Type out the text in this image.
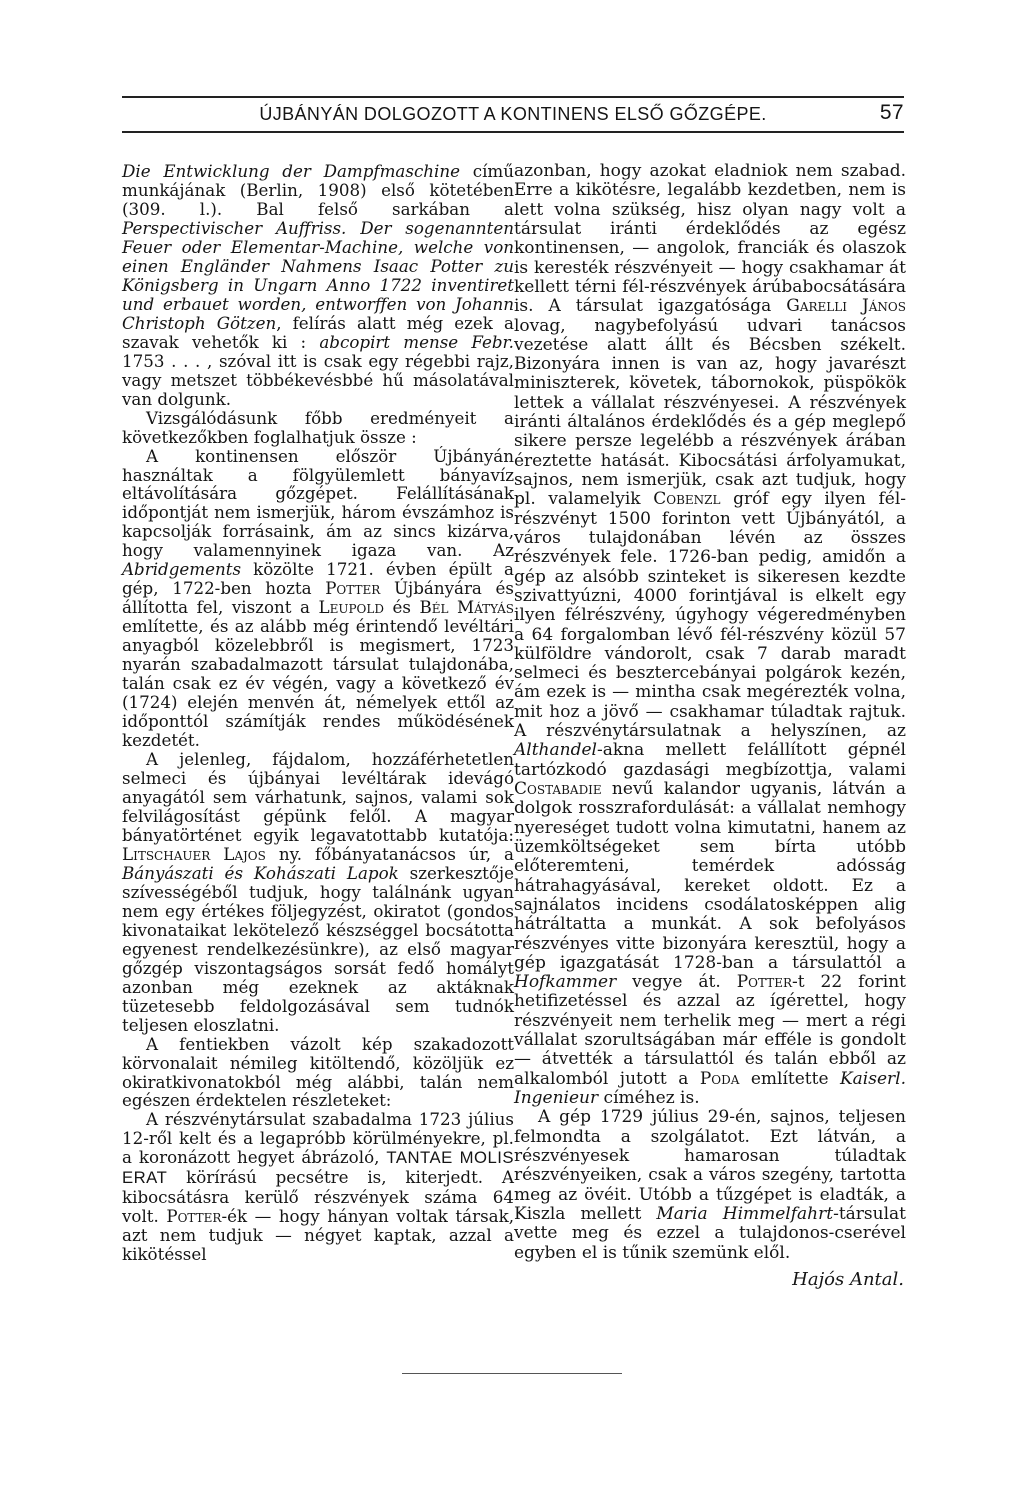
ÚJBÁNYÁN DOLGOZOTT A KONTINENS ELSŐ GŐZGÉPE.	57

Die Entwicklung der Dampfmaschine című munkájának (Berlin, 1908) első kötetében (309. l.). Bal felső sarkában a Perspectivischer Auffriss. Der sogenannten Feuer oder Elementar-Machine, welche von einen Engländer Nahmens Isaac Potter zu Königsberg in Ungarn Anno 1722 inventiret und erbauet worden, entworffen von Johann Christoph Götzen, felírás alatt még ezek a szavak vehetők ki : abcopirt mense Febr. 1753 . . . , szóval itt is csak egy régebbi rajz, vagy metszet többékevésbbé hű másolatával van dolgunk.

Vizsgálódásunk főbb eredményeit a következőkben foglalhatjuk össze :

A kontinensen először Újbányán használtak a fölgyülemlett bányavíz eltávolítására gőzgépet. Felállításának időpontját nem ismerjük, három évszámhoz is kapcsolják forrásaink, ám az sincs kizárva, hogy valamennyinek igaza van. Az Abridgements közölte 1721. évben épült a gép, 1722-ben hozta Potter Újbányára és állította fel, viszont a Leupold és Bél Mátyás említette, és az alább még érintendő levéltári anyagból közelebbről is megismert, 1723 nyarán szabadalmazott társulat tulajdonába, talán csak ez év végén, vagy a következő év (1724) elején menvén át, némelyek ettől az időponttól számítják rendes működésének kezdetét.

A jelenleg, fájdalom, hozzáférhetetlen selmeci és újbányai levéltárak idevágó anyagától sem várhatunk, sajnos, valami sok felvilágosítást gépünk felől. A magyar bányatörténet egyik legavatottabb kutatója: Litschauer Lajos ny. főbányatanácsos úr, a Bányászati és Kohászati Lapok szerkesztője szívességéből tudjuk, hogy találnánk ugyan nem egy értékes följegyzést, okiratot (gondos kivonataikat lekötelező készséggel bocsátotta egyenest rendelkezésünkre), az első magyar gőzgép viszontagságos sorsát fedő homályt azonban még ezeknek az aktáknak tüzetesebb feldolgozásával sem tudnók teljesen eloszlatni.

A fentiekben vázolt kép szakadozott körvonalait némileg kitöltendő, közöljük ez okiratkivonatokból még alábbi, talán nem egészen érdektelen részleteket:

A részvénytársulat szabadalma 1723 július 12-ről kelt és a legapróbb körülményekre, pl. a koronázott hegyet ábrázoló, TANTAE MOLIS ERAT körírású pecsétre is, kiterjedt. A kibocsátásra kerülő részvények száma 64 volt. Potter-ék — hogy hányan voltak társak, azt nem tudjuk — négyet kaptak, azzal a kikötéssel

azonban, hogy azokat eladniok nem szabad. Erre a kikötésre, legalább kezdetben, nem is lett volna szükség, hisz olyan nagy volt a társulat iránti érdeklődés az egész kontinensen, — angolok, franciák és olaszok is keresték részvényeit — hogy csakhamar át kellett térni fél-részvények árúbabocsátására is. A társulat igazgatósága Garelli János lovag, nagybefolyású udvari tanácsos vezetése alatt állt és Bécsben székelt. Bizonyára innen is van az, hogy javarészt miniszterek, követek, tábornokok, püspökök lettek a vállalat részvényesei. A részvények iránti általános érdeklődés és a gép meglepő sikere persze legelébb a részvények árában éreztette hatását. Kibocsátási árfolyamukat, sajnos, nem ismerjük, csak azt tudjuk, hogy pl. valamelyik Cobenzl gróf egy ilyen fél-részvényt 1500 forinton vett Újbányától, a város tulajdonában lévén az összes részvények fele. 1726-ban pedig, amidőn a gép az alsóbb szinteket is sikeresen kezdte szivattyúzni, 4000 forintjával is elkelt egy ilyen félrészvény, úgyhogy végeredményben a 64 forgalomban lévő fél-részvény közül 57 külföldre vándorolt, csak 7 darab maradt selmeci és besztercebányai polgárok kezén, ám ezek is — mintha csak megérezték volna, mit hoz a jövő — csakhamar túladtak rajtuk. A részvénytársulatnak a helyszínen, az Althandel-akna mellett felállított gépnél tartózkodó gazdasági megbízottja, valami Costabadie nevű kalandor ugyanis, látván a dolgok rosszrafordulását: a vállalat nemhogy nyereséget tudott volna kimutatni, hanem az üzemköltségeket sem bírta utóbb előteremteni, temérdek adósság hátrahagyásával, kereket oldott. Ez a sajnálatos incidens csodálatosképpen alig hátráltatta a munkát. A sok befolyásos részvényes vitte bizonyára keresztül, hogy a gép igazgatását 1728-ban a társulattól a Hofkammer vegye át. Potter-t 22 forint hetifizetéssel és azzal az ígérettel, hogy részvényeit nem terhelik meg — mert a régi vállalat szorultságában már efféle is gondolt — átvették a társulattól és talán ebből az alkalomból jutott a Poda említette Kaiserl. Ingenieur címéhez is.

A gép 1729 július 29-én, sajnos, teljesen felmondta a szolgálatot. Ezt látván, a részvényesek hamarosan túladtak részvényeiken, csak a város szegény, tartotta meg az övéit. Utóbb a tűzgépet is eladták, a Kiszla mellett Maria Himmelfahrt-társulat vette meg és ezzel a tulajdonos-cserével egyben el is tűnik szemünk elől.

Hajós Antal.
